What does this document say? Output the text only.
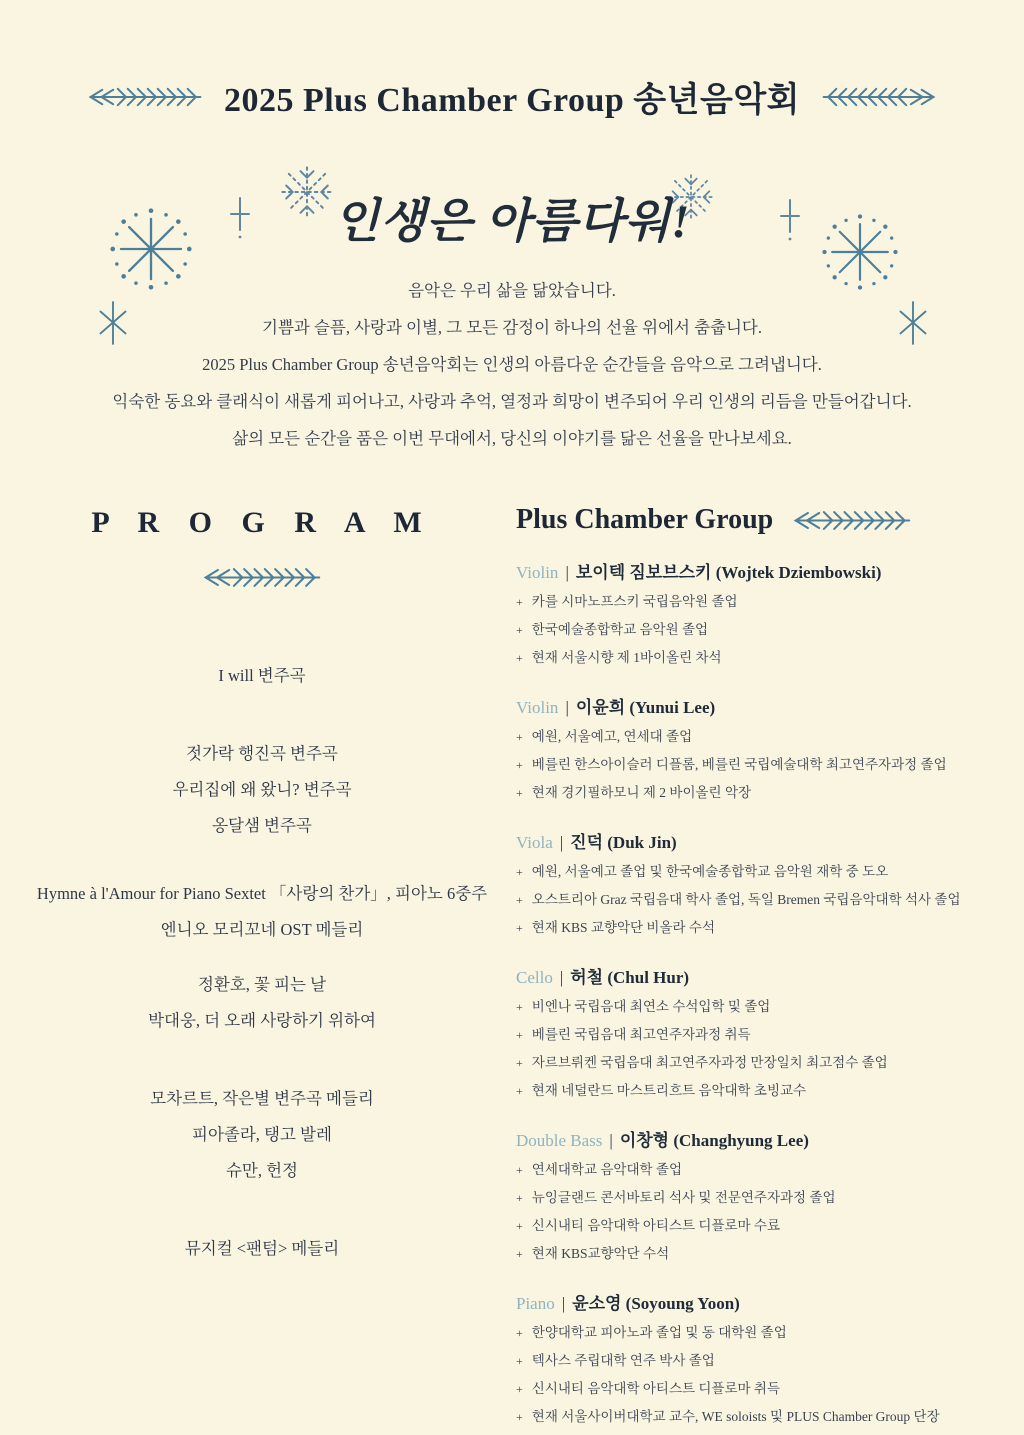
2025 Plus Chamber Group 송년음악회
인생은 아름다워!
음악은 우리 삶을 닮았습니다.
기쁨과 슬픔, 사랑과 이별, 그 모든 감정이 하나의 선율 위에서 춤춥니다.
2025 Plus Chamber Group 송년음악회는 인생의 아름다운 순간들을 음악으로 그려냅니다.
익숙한 동요와 클래식이 새롭게 피어나고, 사랑과 추억, 열정과 희망이 변주되어 우리 인생의 리듬을 만들어갑니다.
삶의 모든 순간을 품은 이번 무대에서, 당신의 이야기를 닮은 선율을 만나보세요.
P R O G R A M
I will 변주곡
젓가락 행진곡 변주곡
우리집에 왜 왔니? 변주곡
옹달샘 변주곡
Hymne à l'Amour for Piano Sextet 「사랑의 찬가」, 피아노 6중주
엔니오 모리꼬네 OST 메들리
정환호, 꽃 피는 날
박대웅, 더 오래 사랑하기 위하여
모차르트, 작은별 변주곡 메들리
피아졸라, 탱고 발레
슈만, 헌정
뮤지컬 <팬텀> 메들리
Plus Chamber Group
Violin | 보이텍 짐보브스키 (Wojtek Dziembowski)
+ 카를 시마노프스키 국립음악원 졸업
+ 한국예술종합학교 음악원 졸업
+ 현재 서울시향 제 1바이올린 차석
Violin | 이윤희 (Yunui Lee)
+ 예원, 서울예고, 연세대 졸업
+ 베를린 한스아이슬러 디플롬, 베를린 국립예술대학 최고연주자과정 졸업
+ 현재 경기필하모니 제 2 바이올린 악장
Viola | 진덕 (Duk Jin)
+ 예원, 서울예고 졸업 및 한국예술종합학교 음악원 재학 중 도오
+ 오스트리아 Graz 국립음대 학사 졸업, 독일 Bremen 국립음악대학 석사 졸업
+ 현재 KBS 교향악단 비올라 수석
Cello | 허철 (Chul Hur)
+ 비엔나 국립음대 최연소 수석입학 및 졸업
+ 베를린 국립음대 최고연주자과정 취득
+ 자르브뤼켄 국립음대 최고연주자과정 만장일치 최고점수 졸업
+ 현재 네덜란드 마스트리흐트 음악대학 초빙교수
Double Bass | 이창형 (Changhyung Lee)
+ 연세대학교 음악대학 졸업
+ 뉴잉글랜드 콘서바토리 석사 및 전문연주자과정 졸업
+ 신시내티 음악대학 아티스트 디플로마 수료
+ 현재 KBS교향악단 수석
Piano | 윤소영 (Soyoung Yoon)
+ 한양대학교 피아노과 졸업 및 동 대학원 졸업
+ 텍사스 주립대학 연주 박사 졸업
+ 신시내티 음악대학 아티스트 디플로마 취득
+ 현재 서울사이버대학교 교수, WE soloists 및 PLUS Chamber Group 단장
